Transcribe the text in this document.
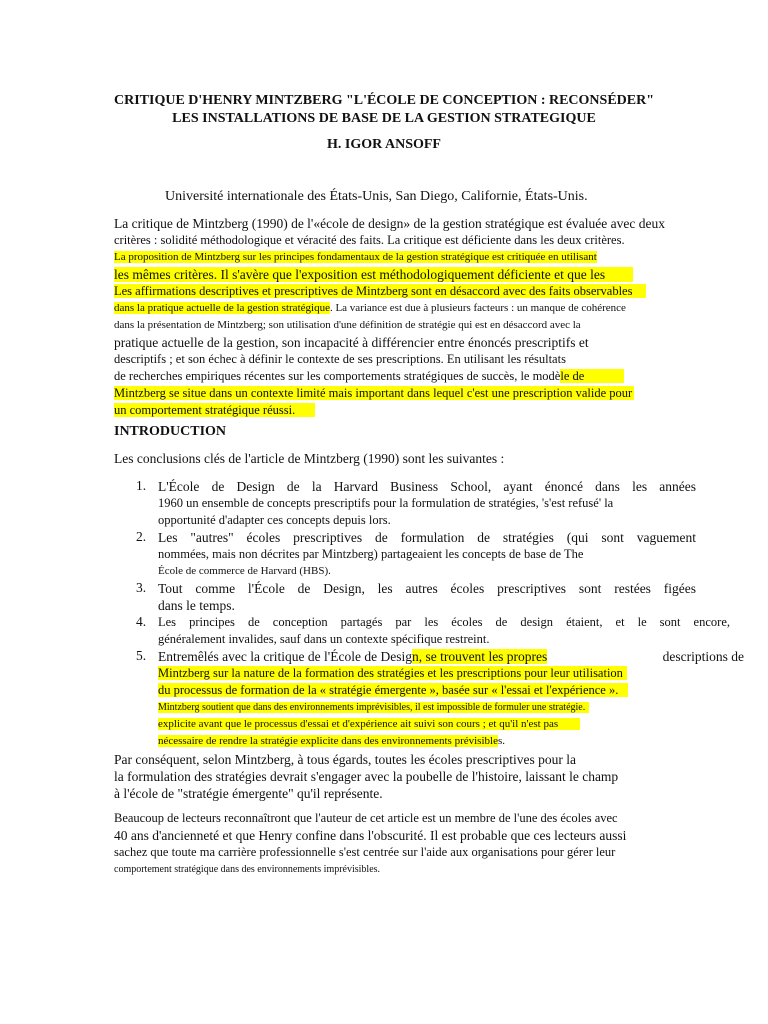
CRITIQUE D'HENRY MINTZBERG "L'ÉCOLE DE CONCEPTION : RECONSÉDER"
LES INSTALLATIONS DE BASE DE LA GESTION STRATEGIQUE
H. IGOR ANSOFF
Université internationale des États-Unis, San Diego, Californie, États-Unis.
La critique de Mintzberg (1990) de l'«école de design» de la gestion stratégique est évaluée avec deux
critères : solidité méthodologique et véracité des faits. La critique est déficiente dans les deux critères.
La proposition de Mintzberg sur les principes fondamentaux de la gestion stratégique est critiquée en utilisant
les mêmes critères. Il s'avère que l'exposition est méthodologiquement déficiente et que les
Les affirmations descriptives et prescriptives de Mintzberg sont en désaccord avec des faits observables
dans la pratique actuelle de la gestion stratégique. La variance est due à plusieurs facteurs : un manque de cohérence
dans la présentation de Mintzberg; son utilisation d'une définition de stratégie qui est en désaccord avec la
pratique actuelle de la gestion, son incapacité à différencier entre énoncés prescriptifs et
descriptifs ; et son échec à définir le contexte de ses prescriptions. En utilisant les résultats
de recherches empiriques récentes sur les comportements stratégiques de succès, le modèle de
Mintzberg se situe dans un contexte limité mais important dans lequel c'est une prescription valide pour
un comportement stratégique réussi.
INTRODUCTION
Les conclusions clés de l'article de Mintzberg (1990) sont les suivantes :
1. L'École de Design de la Harvard Business School, ayant énoncé dans les années
1960 un ensemble de concepts prescriptifs pour la formulation de stratégies, 's'est refusé' la
opportunité d'adapter ces concepts depuis lors.
2. Les "autres" écoles prescriptives de formulation de stratégies (qui sont vaguement
nommées, mais non décrites par Mintzberg) partageaient les concepts de base de The
École de commerce de Harvard (HBS).
3. Tout comme l'École de Design, les autres écoles prescriptives sont restées figées
dans le temps.
4. Les principes de conception partagés par les écoles de design étaient, et le sont encore,
généralement invalides, sauf dans un contexte spécifique restreint.
5. Entremêlés avec la critique de l'École de Design, se trouvent les propres	descriptions de
Mintzberg sur la nature de la formation des stratégies et les prescriptions pour leur utilisation
du processus de formation de la « stratégie émergente », basée sur « l'essai et l'expérience ».
Mintzberg soutient que dans des environnements imprévisibles, il est impossible de formuler une stratégie.
explicite avant que le processus d'essai et d'expérience ait suivi son cours ; et qu'il n'est pas
nécessaire de rendre la stratégie explicite dans des environnements prévisibles.
Par conséquent, selon Mintzberg, à tous égards, toutes les écoles prescriptives pour la
la formulation des stratégies devrait s'engager avec la poubelle de l'histoire, laissant le champ
à l'école de "stratégie émergente" qu'il représente.
Beaucoup de lecteurs reconnaîtront que l'auteur de cet article est un membre de l'une des écoles avec
40 ans d'ancienneté et que Henry confine dans l'obscurité. Il est probable que ces lecteurs aussi
sachez que toute ma carrière professionnelle s'est centrée sur l'aide aux organisations pour gérer leur
comportement stratégique dans des environnements imprévisibles.
